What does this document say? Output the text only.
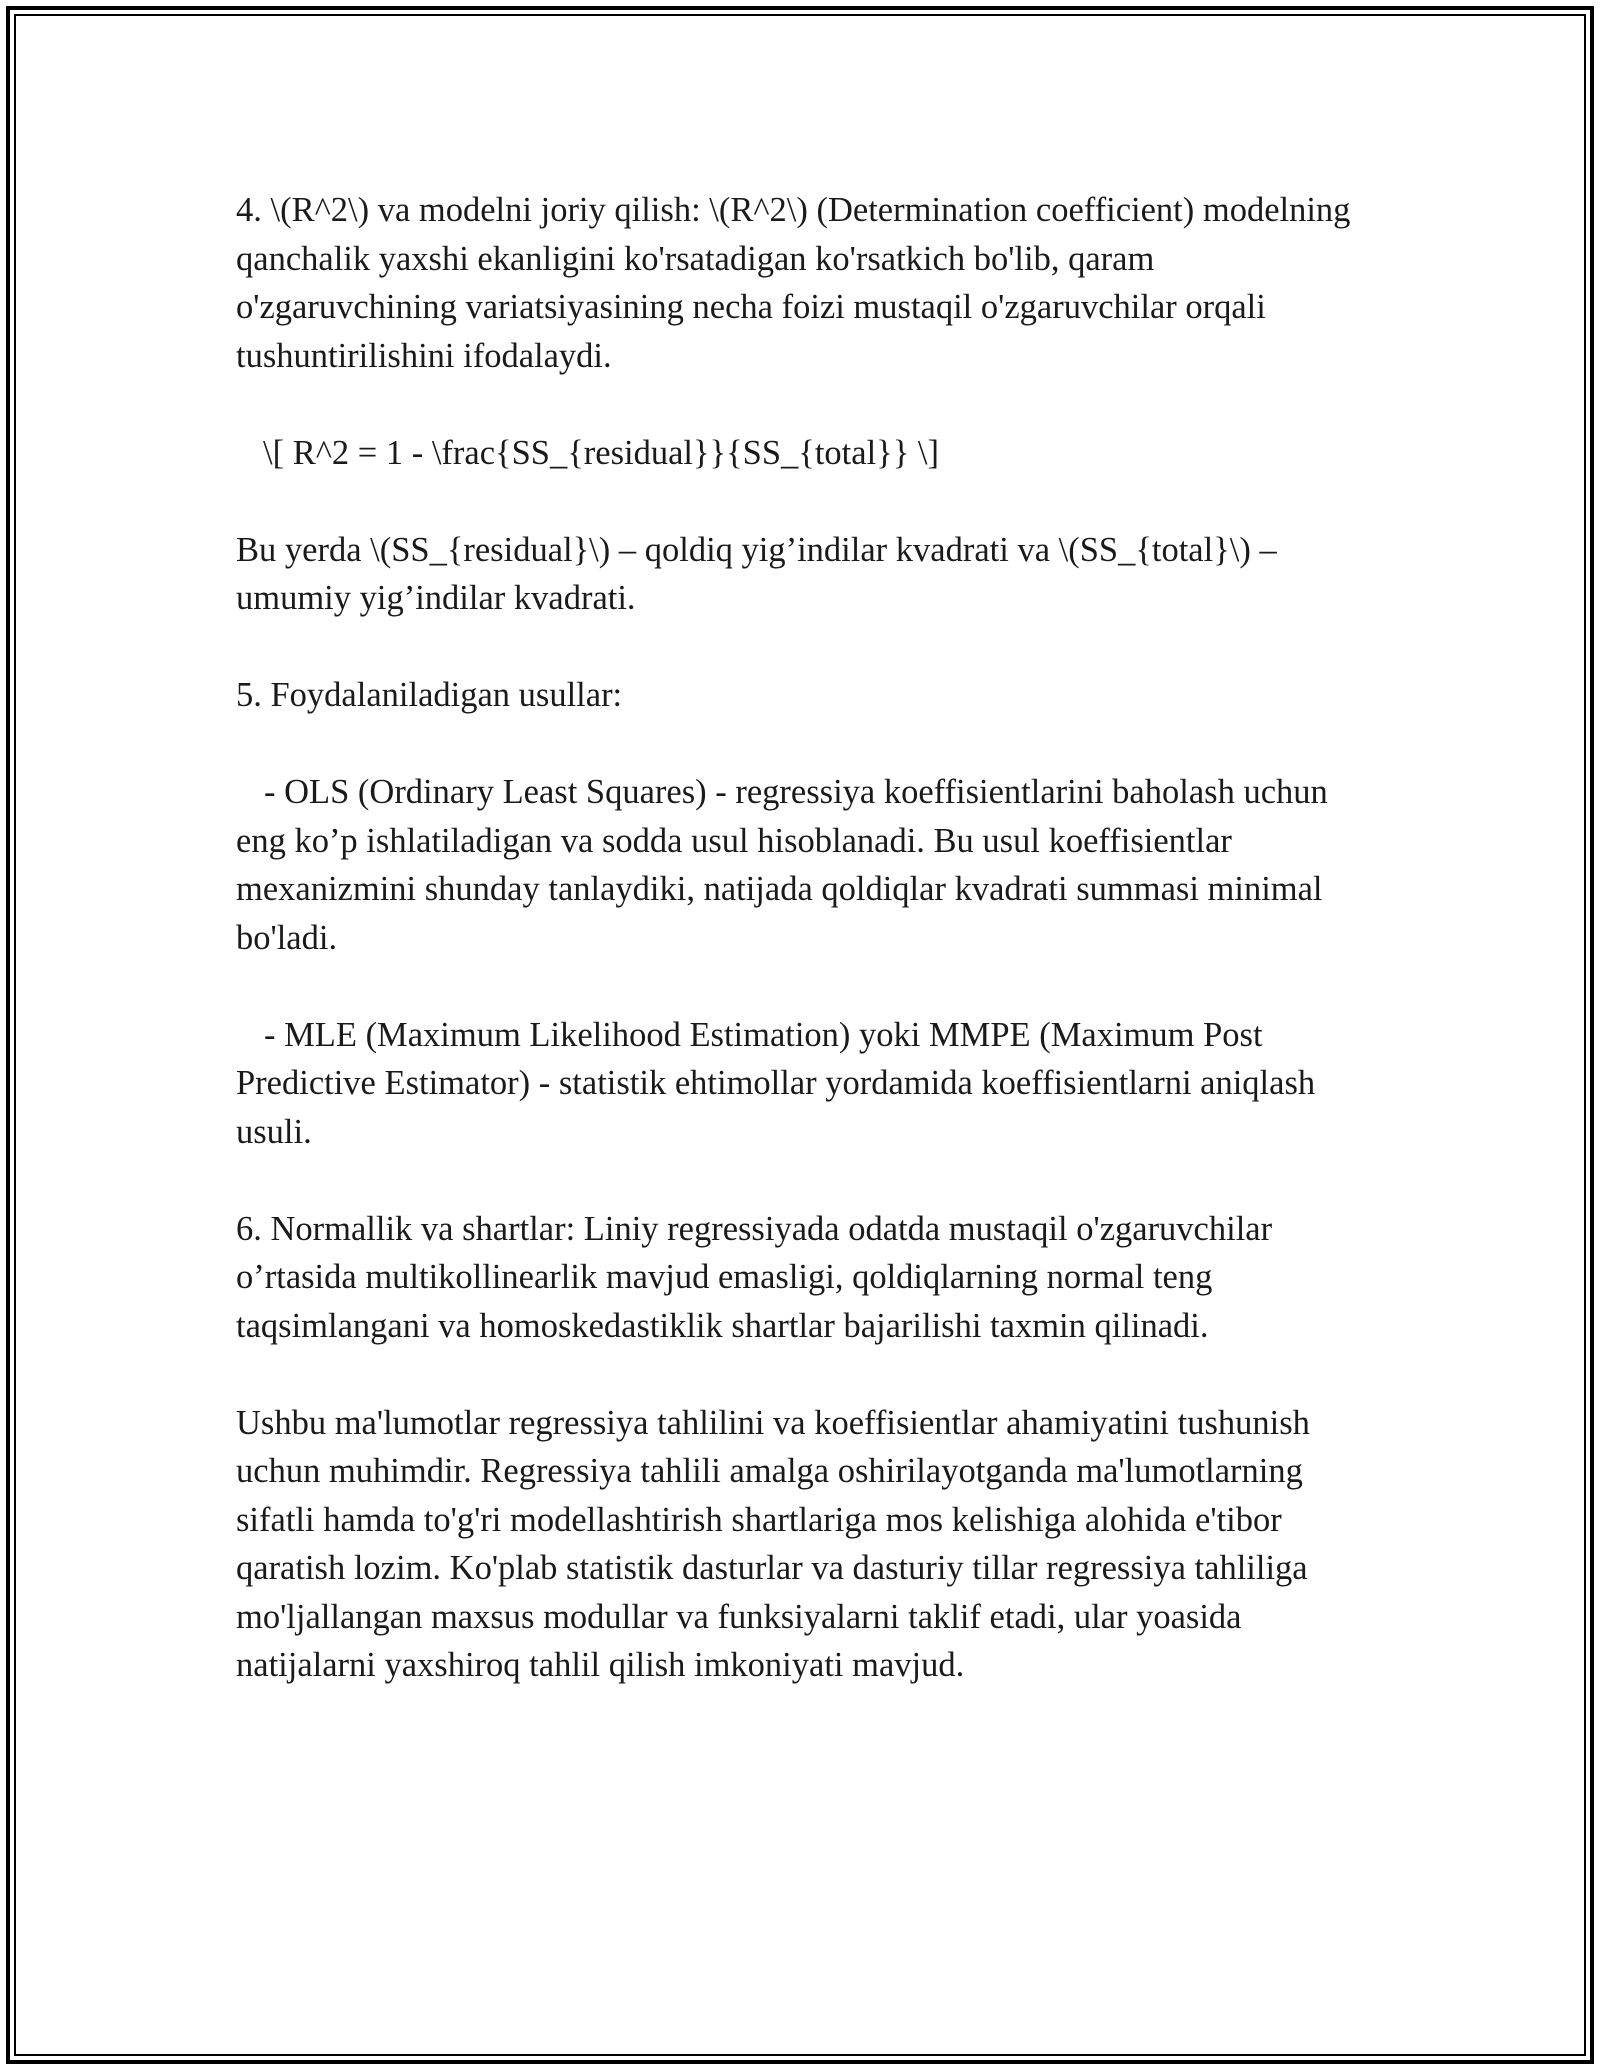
4. \(R^2\) va modelni joriy qilish: \(R^2\) (Determination coefficient) modelning qanchalik yaxshi ekanligini ko'rsatadigan ko'rsatkich bo'lib, qaram o'zgaruvchining variatsiyasining necha foizi mustaqil o'zgaruvchilar orqali tushuntirilishini ifodalaydi.

\[ R^2 = 1 - \frac{SS_{residual}}{SS_{total}} \]

Bu yerda \(SS_{residual}\) – qoldiq yig’indilar kvadrati va \(SS_{total}\) – umumiy yig’indilar kvadrati.

5. Foydalaniladigan usullar:

- OLS (Ordinary Least Squares) - regressiya koeffisientlarini baholash uchun eng ko’p ishlatiladigan va sodda usul hisoblanadi. Bu usul koeffisientlar mexanizmini shunday tanlaydiki, natijada qoldiqlar kvadrati summasi minimal bo'ladi.

- MLE (Maximum Likelihood Estimation) yoki MMPE (Maximum Post Predictive Estimator) - statistik ehtimollar yordamida koeffisientlarni aniqlash usuli.

6. Normallik va shartlar: Liniy regressiyada odatda mustaqil o'zgaruvchilar o’rtasida multikollinearlik mavjud emasligi, qoldiqlarning normal teng taqsimlangani va homoskedastiklik shartlar bajarilishi taxmin qilinadi.

Ushbu ma'lumotlar regressiya tahlilini va koeffisientlar ahamiyatini tushunish uchun muhimdir. Regressiya tahlili amalga oshirilayotganda ma'lumotlarning sifatli hamda to'g'ri modellashtirish shartlariga mos kelishiga alohida e'tibor qaratish lozim. Ko'plab statistik dasturlar va dasturiy tillar regressiya tahliliga mo'ljallangan maxsus modullar va funksiyalarni taklif etadi, ular yoasida natijalarni yaxshiroq tahlil qilish imkoniyati mavjud.
